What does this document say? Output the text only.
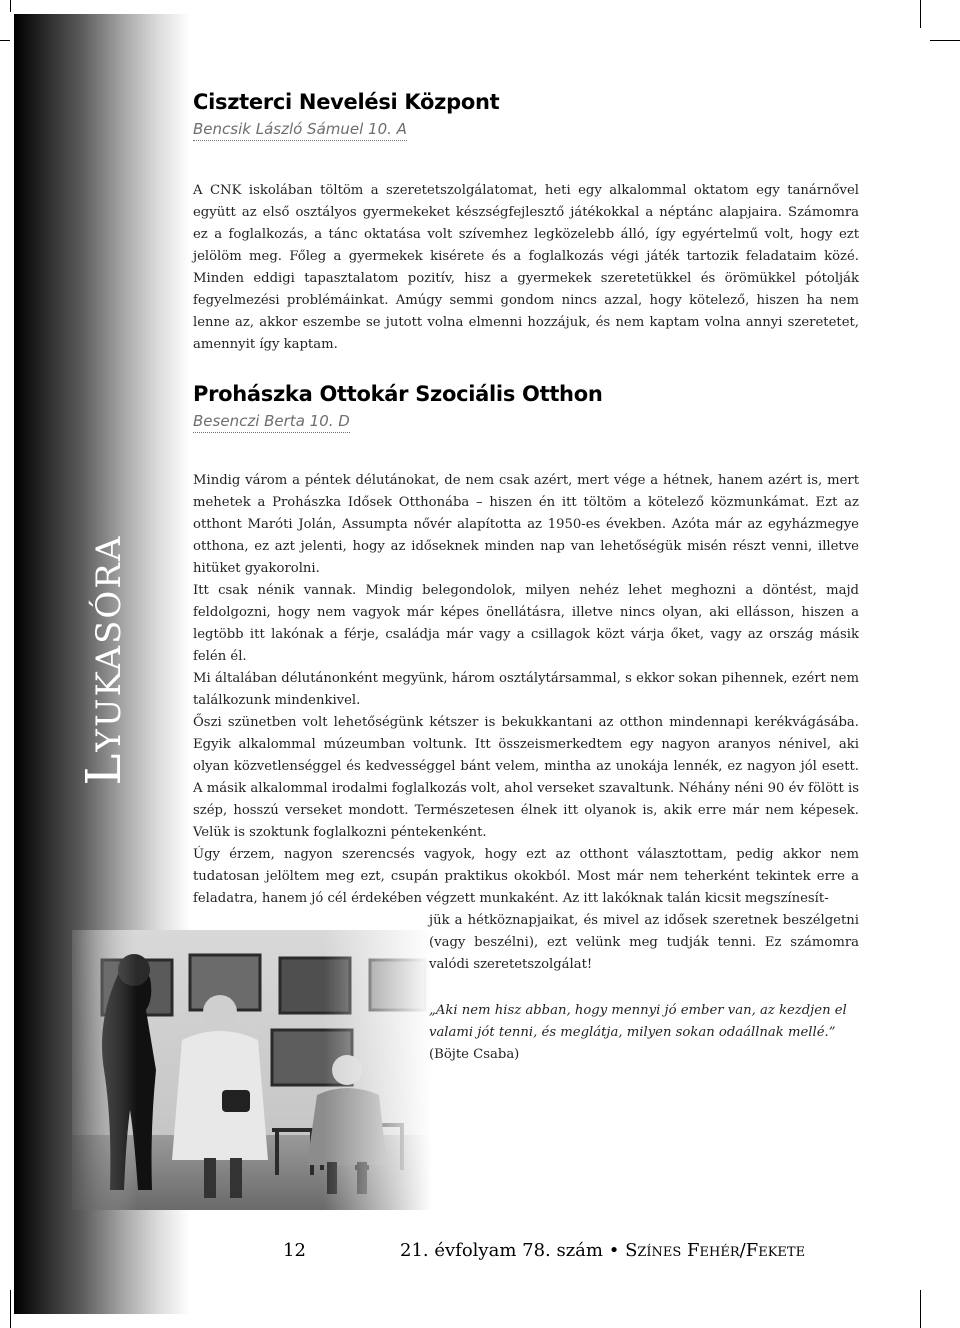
Lyukasóra
Ciszterci Nevelési Központ
Bencsik László Sámuel 10. A

A CNK iskolában töltöm a szeretetszolgálatomat, heti egy alkalommal oktatom egy tanárnővel együtt az első osztályos gyermekeket készségfejlesztő játékokkal a néptánc alapjaira. Számomra ez a foglalkozás, a tánc oktatása volt szívemhez legközelebb álló, így egyértelmű volt, hogy ezt jelölöm meg. Főleg a gyermekek kisérete és a foglalkozás végi játék tartozik feladataim közé. Minden eddigi tapasztalatom pozitív, hisz a gyermekek szeretetükkel és örömükkel pótolják fegyelmezési problémáinkat. Amúgy semmi gondom nincs azzal, hogy kötelező, hiszen ha nem lenne az, akkor eszembe se jutott volna elmenni hozzájuk, és nem kaptam volna annyi szeretetet, amennyit így kaptam.

Prohászka Ottokár Szociális Otthon
Besenczi Berta 10. D

Mindig várom a péntek délutánokat, de nem csak azért, mert vége a hétnek, hanem azért is, mert mehetek a Prohászka Idősek Otthonába – hiszen én itt töltöm a kötelező közmunkámat. Ezt az otthont Maróti Jolán, Assumpta nővér alapította az 1950-es években. Azóta már az egyházmegye otthona, ez azt jelenti, hogy az időseknek minden nap van lehetőségük misén részt venni, illetve hitüket gyakorolni.

Itt csak nénik vannak. Mindig belegondolok, milyen nehéz lehet meghozni a döntést, majd feldolgozni, hogy nem vagyok már képes önellátásra, illetve nincs olyan, aki ellásson, hiszen a legtöbb itt lakónak a férje, családja már vagy a csillagok közt várja őket, vagy az ország másik felén él.

Mi általában délutánonként megyünk, három osztálytársammal, s ekkor sokan pihennek, ezért nem találkozunk mindenkivel.

Őszi szünetben volt lehetőségünk kétszer is bekukkantani az otthon mindennapi kerékvágásába. Egyik alkalommal múzeumban voltunk. Itt összeismerkedtem egy nagyon aranyos nénivel, aki olyan közvetlenséggel és kedvességgel bánt velem, mintha az unokája lennék, ez nagyon jól esett. A másik alkalommal irodalmi foglalkozás volt, ahol verseket szavaltunk. Néhány néni 90 év fölött is szép, hosszú verseket mondott. Természetesen élnek itt olyanok is, akik erre már nem képesek. Velük is szoktunk foglalkozni péntekenként.

Úgy érzem, nagyon szerencsés vagyok, hogy ezt az otthont választottam, pedig akkor nem tudatosan jelöltem meg ezt, csupán praktikus okokból. Most már nem teherként tekintek erre a feladatra, hanem jó cél érdekében végzett munkaként. Az itt lakóknak talán kicsit megszínesít-

jük a hétköznapjaikat, és mivel az idősek szeretnek beszélgetni (vagy beszélni), ezt velünk meg tudják tenni. Ez számomra valódi szeretetszolgálat!

„Aki nem hisz abban, hogy mennyi jó ember van, az kezdjen el valami jót tenni, és meglátja, milyen sokan odaállnak mellé.”
(Böjte Csaba)

12	21. évfolyam 78. szám • Színes Fehér/Fekete
